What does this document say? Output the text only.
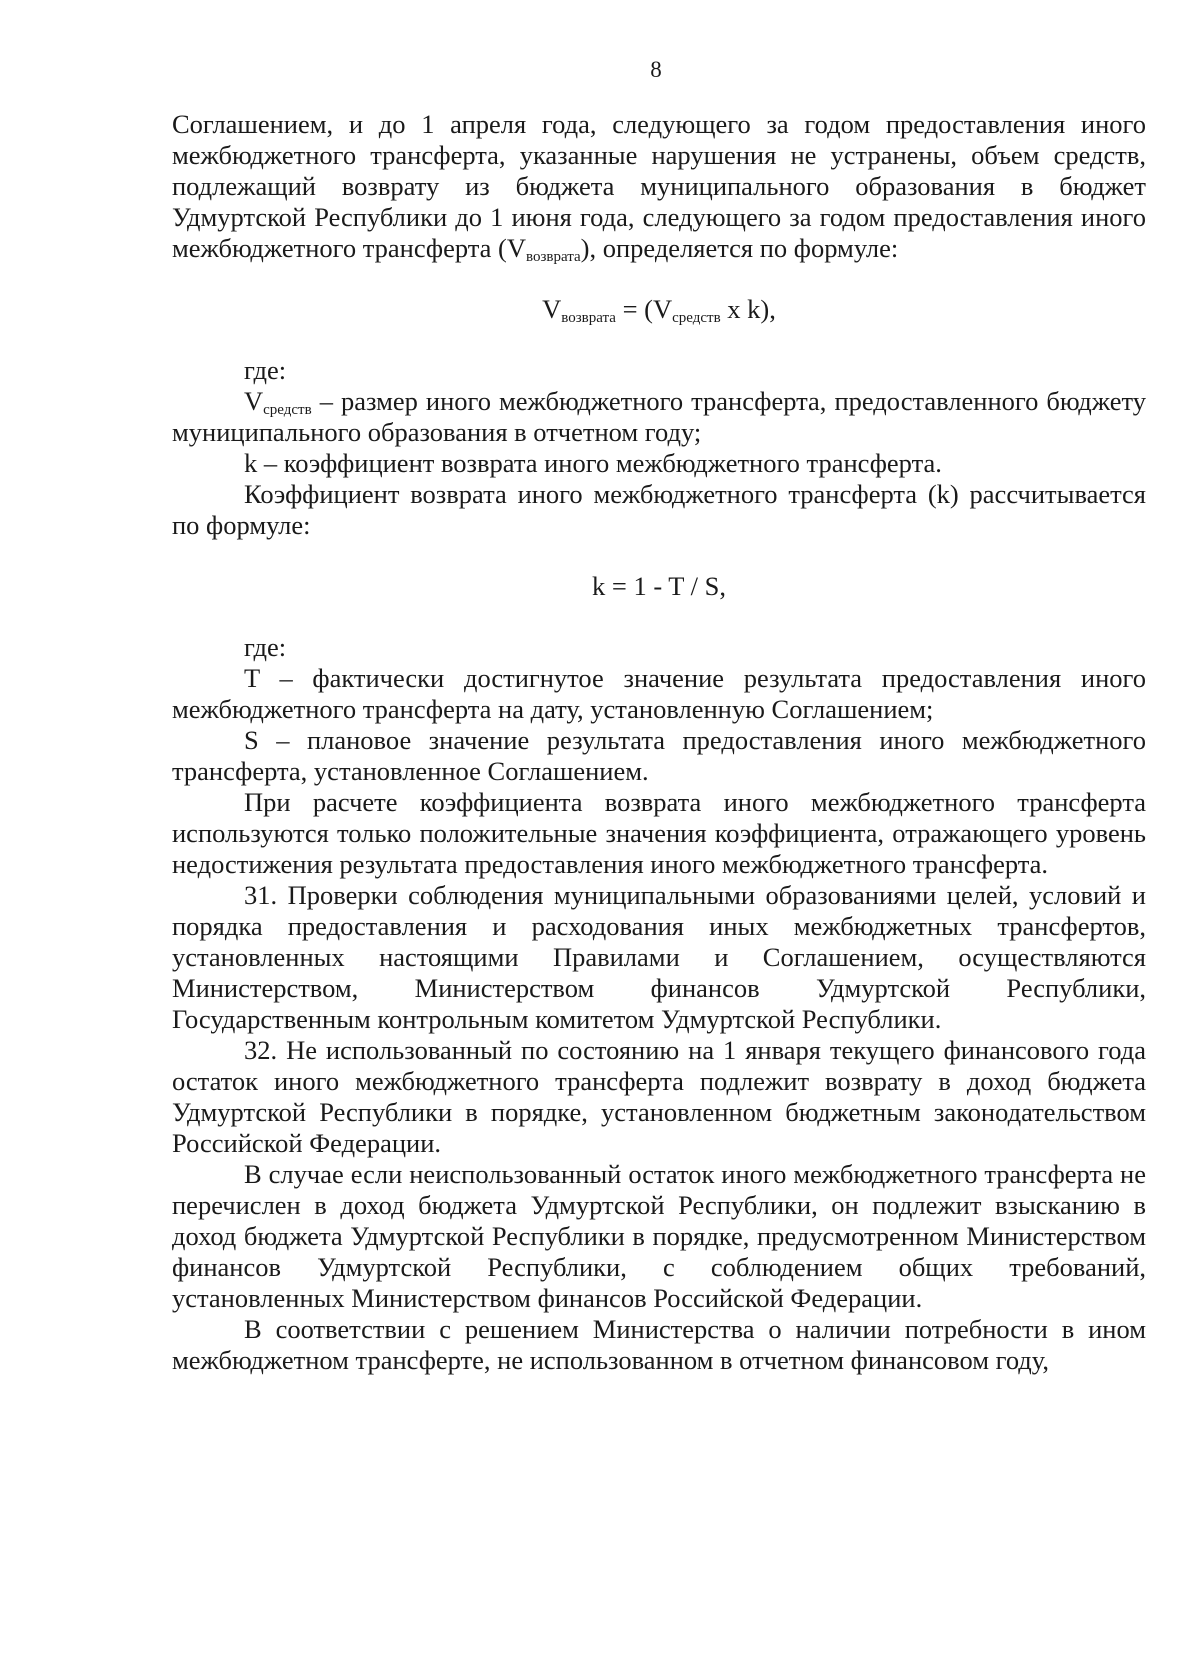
8

Соглашением, и до 1 апреля года, следующего за годом предоставления иного межбюджетного трансферта, указанные нарушения не устранены, объем средств, подлежащий возврату из бюджета муниципального образования в бюджет Удмуртской Республики до 1 июня года, следующего за годом предоставления иного межбюджетного трансферта $(V_{возврата})$, определяется по формуле:

$V_{возврата} = (V_{средств}$ x k),

где:

$V_{средств}$ – размер иного межбюджетного трансферта, предоставленного бюджету муниципального образования в отчетном году;

k – коэффициент возврата иного межбюджетного трансферта.

Коэффициент возврата иного межбюджетного трансферта (k) рассчитывается по формуле:

k = 1 - T / S,

где:

T – фактически достигнутое значение результата предоставления иного межбюджетного трансферта на дату, установленную Соглашением;

S – плановое значение результата предоставления иного межбюджетного трансферта, установленное Соглашением.

При расчете коэффициента возврата иного межбюджетного трансферта используются только положительные значения коэффициента, отражающего уровень недостижения результата предоставления иного межбюджетного трансферта.

31. Проверки соблюдения муниципальными образованиями целей, условий и порядка предоставления и расходования иных межбюджетных трансфертов, установленных настоящими Правилами и Соглашением, осуществляются Министерством, Министерством финансов Удмуртской Республики, Государственным контрольным комитетом Удмуртской Республики.

32. Не использованный по состоянию на 1 января текущего финансового года остаток иного межбюджетного трансферта подлежит возврату в доход бюджета Удмуртской Республики в порядке, установленном бюджетным законодательством Российской Федерации.

В случае если неиспользованный остаток иного межбюджетного трансферта не перечислен в доход бюджета Удмуртской Республики, он подлежит взысканию в доход бюджета Удмуртской Республики в порядке, предусмотренном Министерством финансов Удмуртской Республики, с соблюдением общих требований, установленных Министерством финансов Российской Федерации.

В соответствии с решением Министерства о наличии потребности в ином межбюджетном трансферте, не использованном в отчетном финансовом году,
